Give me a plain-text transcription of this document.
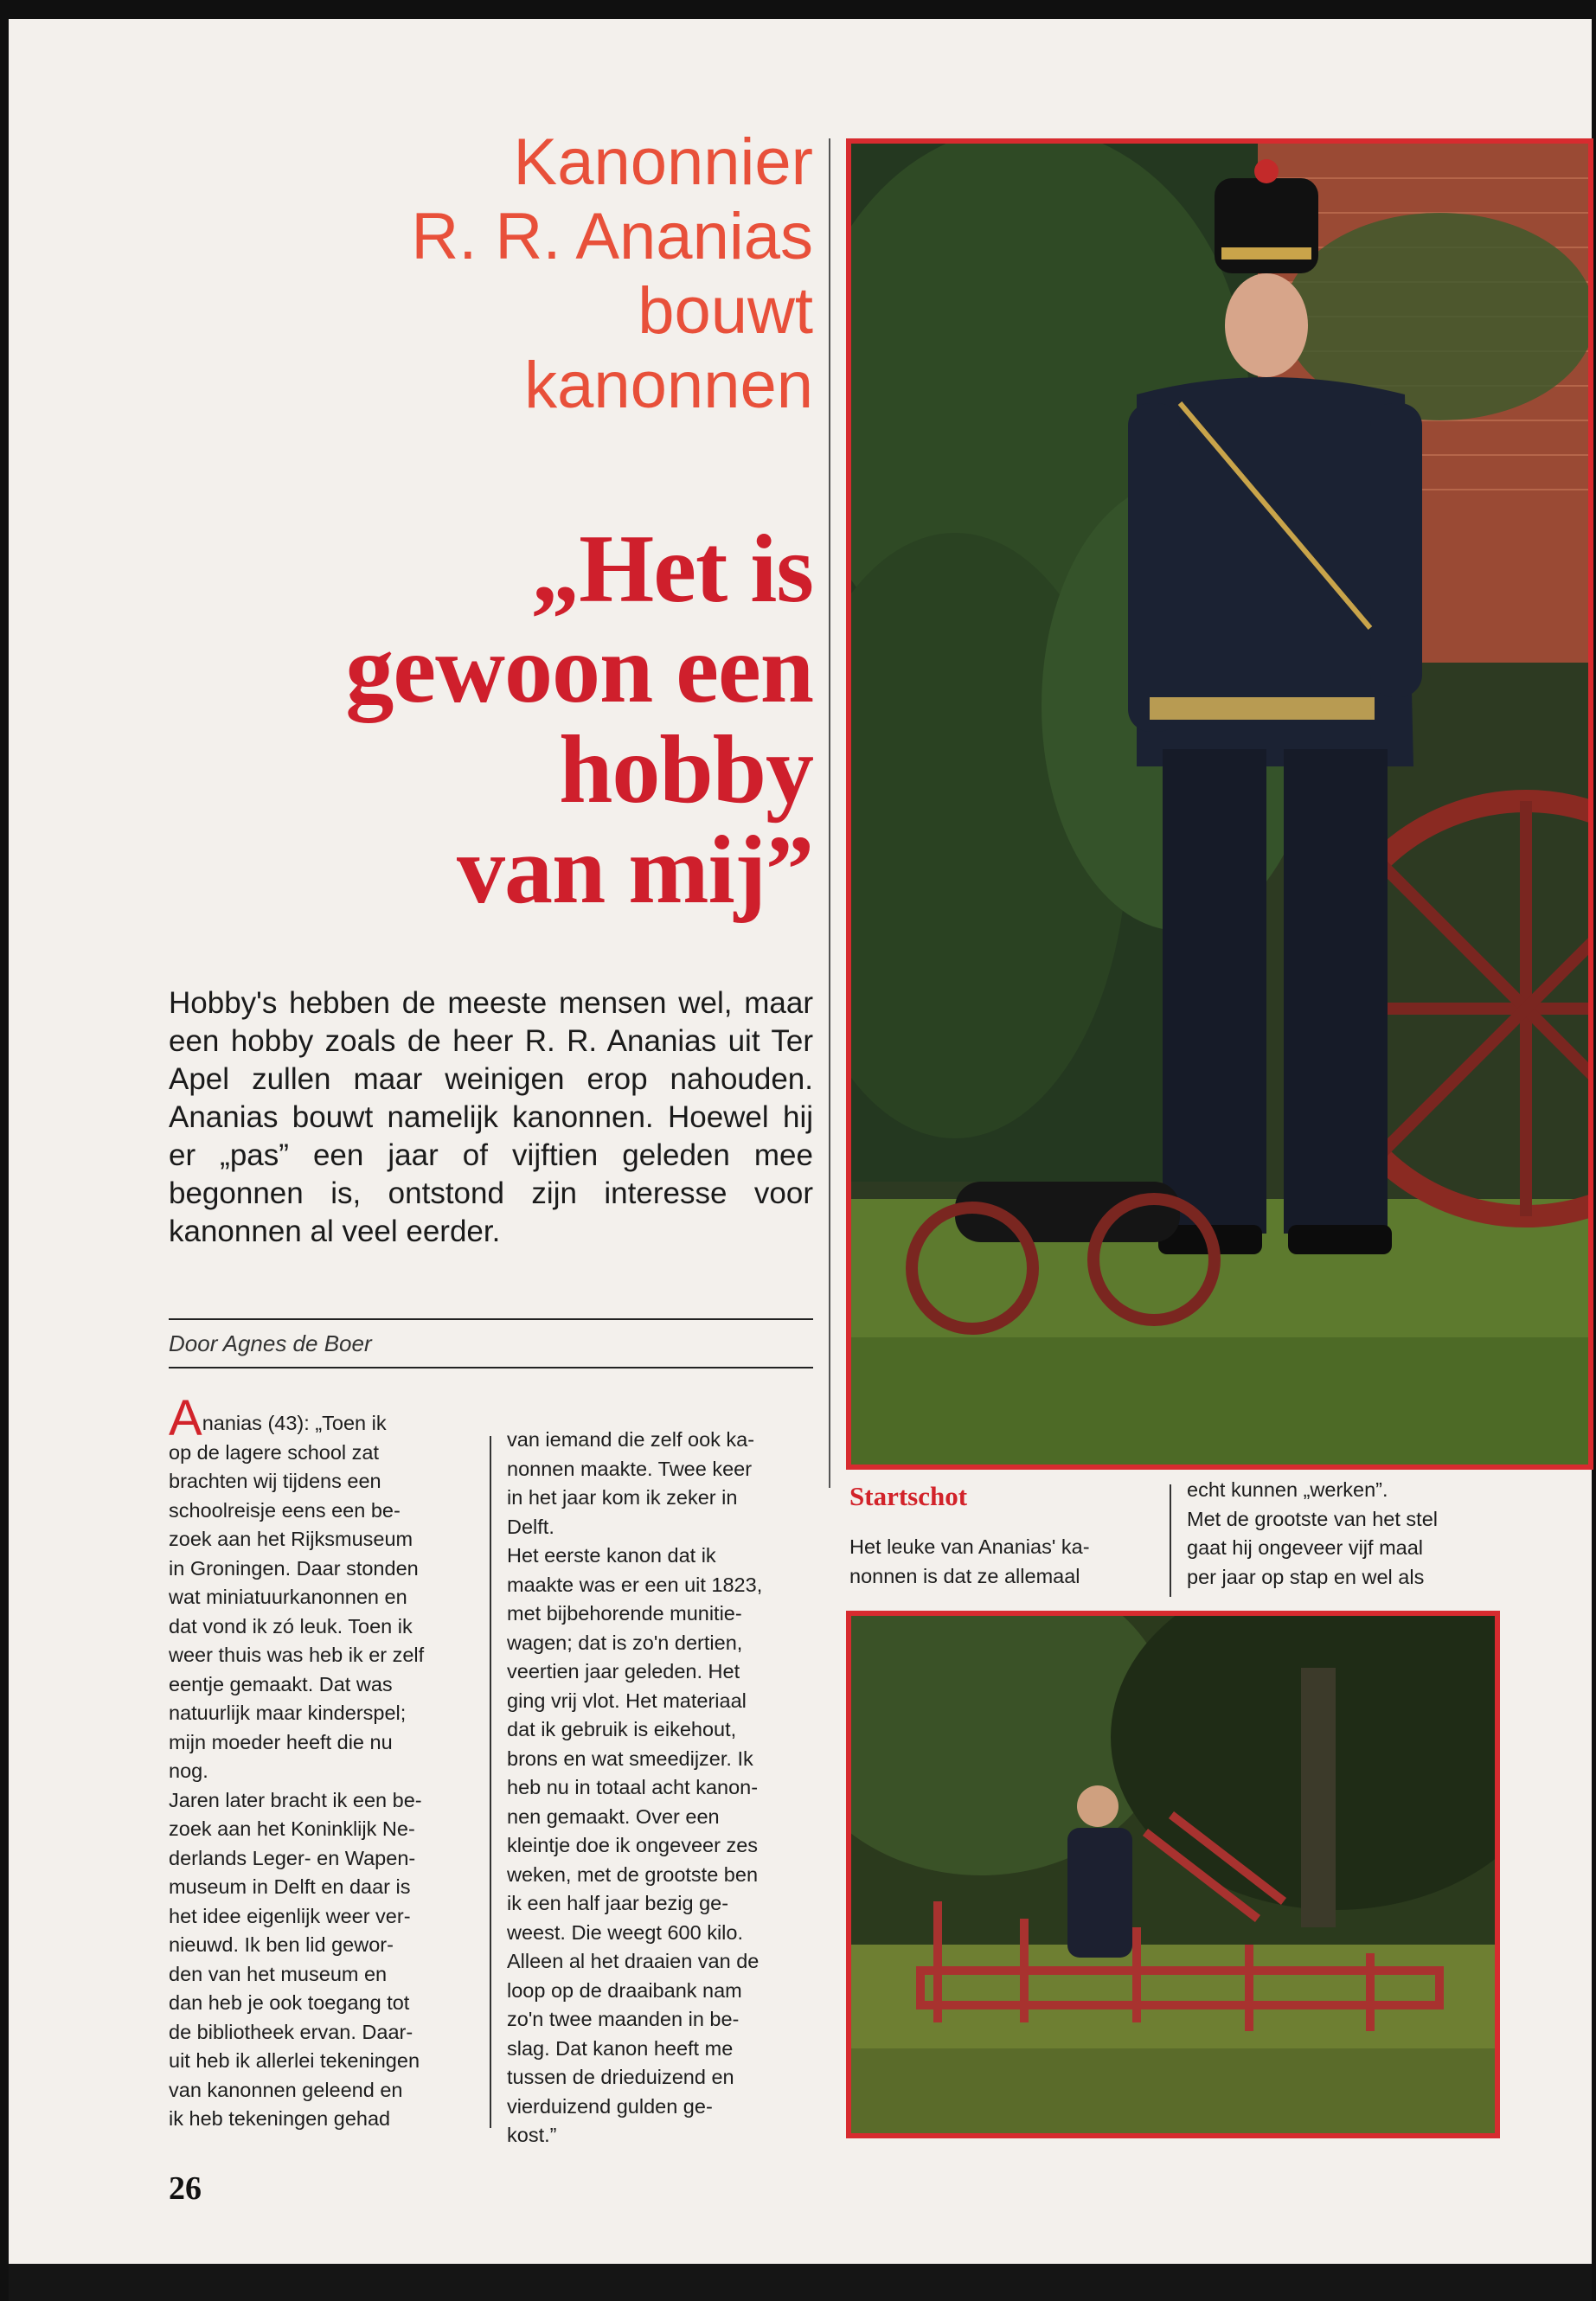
Kanonnier
R. R. Ananias
bouwt
kanonnen
„Het is
gewoon een
hobby
van mij”
Hobby's hebben de meeste mensen wel, maar een hobby zoals de heer R. R. Ananias uit Ter Apel zullen maar weinigen erop nahouden. Ananias bouwt namelijk kanonnen. Hoewel hij er „pas” een jaar of vijftien geleden mee begonnen is, ontstond zijn interesse voor kanonnen al veel eerder.
Door Agnes de Boer
Ananias (43): „Toen ik
op de lagere school zat
brachten wij tijdens een
schoolreisje eens een be-
zoek aan het Rijksmuseum
in Groningen. Daar stonden
wat miniatuurkanonnen en
dat vond ik zó leuk. Toen ik
weer thuis was heb ik er zelf
eentje gemaakt. Dat was
natuurlijk maar kinderspel;
mijn moeder heeft die nu
nog.
Jaren later bracht ik een be-
zoek aan het Koninklijk Ne-
derlands Leger- en Wapen-
museum in Delft en daar is
het idee eigenlijk weer ver-
nieuwd. Ik ben lid gewor-
den van het museum en
dan heb je ook toegang tot
de bibliotheek ervan. Daar-
uit heb ik allerlei tekeningen
van kanonnen geleend en
ik heb tekeningen gehad
van iemand die zelf ook ka-
nonnen maakte. Twee keer
in het jaar kom ik zeker in
Delft.
Het eerste kanon dat ik
maakte was er een uit 1823,
met bijbehorende munitie-
wagen; dat is zo'n dertien,
veertien jaar geleden. Het
ging vrij vlot. Het materiaal
dat ik gebruik is eikehout,
brons en wat smeedijzer. Ik
heb nu in totaal acht kanon-
nen gemaakt. Over een
kleintje doe ik ongeveer zes
weken, met de grootste ben
ik een half jaar bezig ge-
weest. Die weegt 600 kilo.
Alleen al het draaien van de
loop op de draaibank nam
zo'n twee maanden in be-
slag. Dat kanon heeft me
tussen de drieduizend en
vierduizend gulden ge-
kost.”
Startschot
Het leuke van Ananias' ka-
nonnen is dat ze allemaal
echt kunnen „werken”.
Met de grootste van het stel
gaat hij ongeveer vijf maal
per jaar op stap en wel als
26
